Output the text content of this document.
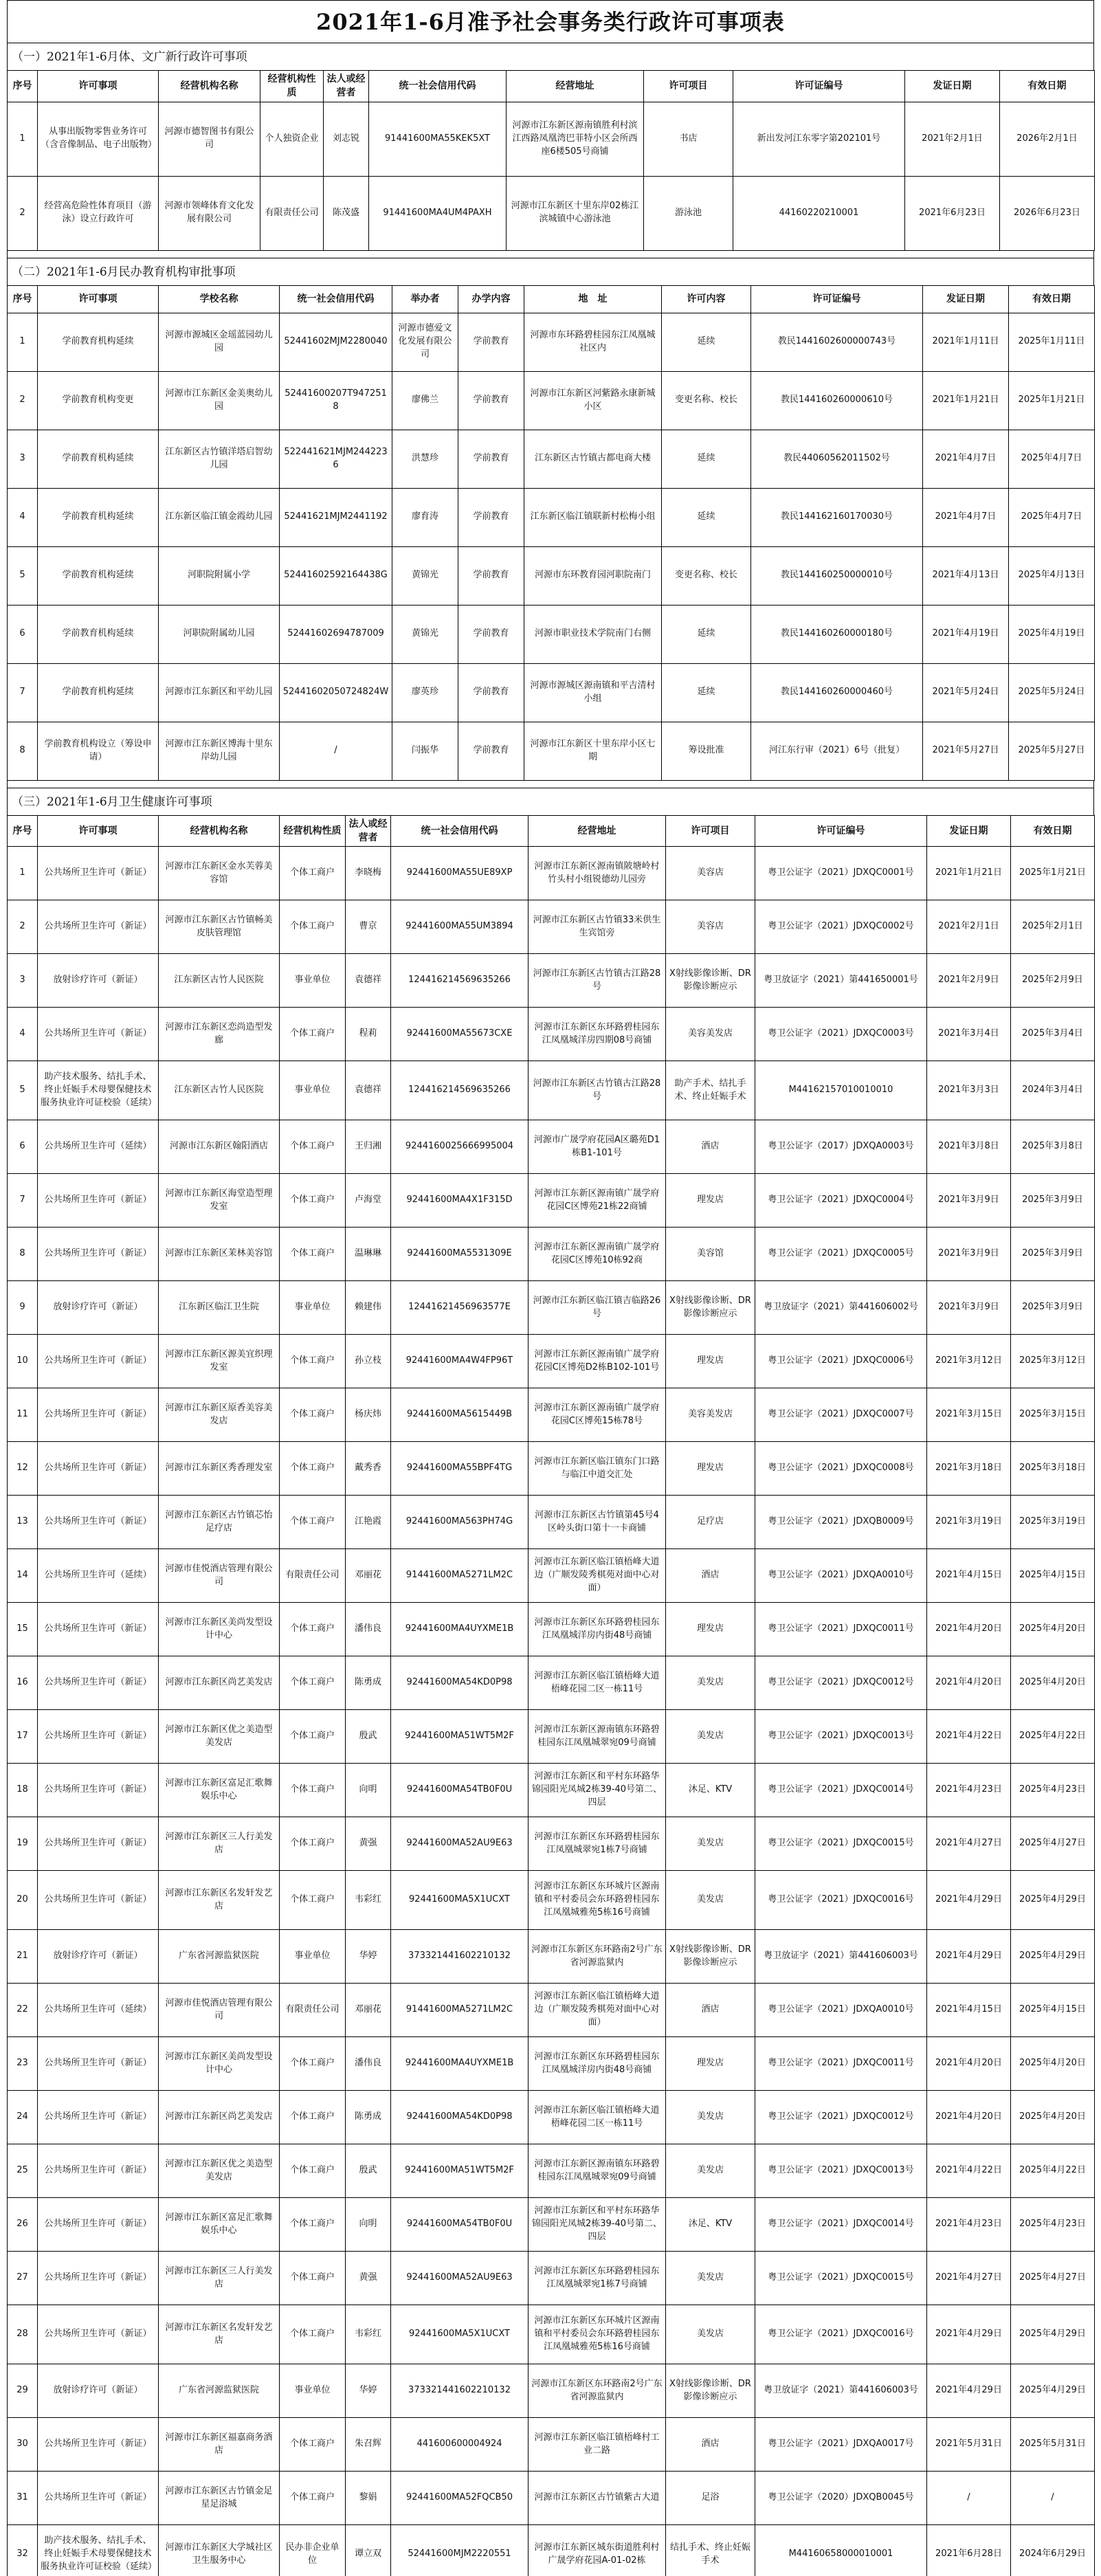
2021年1-6月准予社会事务类行政许可事项表
（一）2021年1-6月体、文广新行政许可事项
序号	许可事项	经营机构名称	经营机构性质	法人或经营者	统一社会信用代码	经营地址	许可项目	许可证编号	发证日期	有效日期
1	从事出版物零售业务许可（含音像制品、电子出版物）	河源市德智图书有限公司	个人独资企业	刘志锐	91441600MA55KEK5XT	河源市江东新区源南镇胜利村滨江西路凤凰湾巴菲特小区会所西座6楼505号商铺	书店	新出发河江东零字第202101号	2021年2月1日	2026年2月1日
2	经营高危险性体育项目（游泳）设立行政许可	河源市领峰体育文化发展有限公司	有限责任公司	陈茂盛	91441600MA4UM4PAXH	河源市江东新区十里东岸02栋江滨城镇中心游泳池	游泳池	44160220210001	2021年6月23日	2026年6月23日
（二）2021年1-6月民办教育机构审批事项
序号	许可事项	学校名称	统一社会信用代码	举办者	办学内容	地　址	许可内容	许可证编号	发证日期	有效日期
1	学前教育机构延续	河源市源城区金瑶蓝园幼儿园	52441602MJM2280040	河源市德爱文化发展有限公司	学前教育	河源市东环路碧桂园东江凤凰城社区内	延续	教民144160260000074​3号	2021年1月11日	2025年1月11日
2	学前教育机构变更	河源市江东新区金美奥幼儿园	52441600207T9472518	廖佛兰	学前教育	河源市江东新区河紫路永康新城小区	变更名称、校长	教民144160260000610号	2021年1月21日	2025年1月21日
3	学前教育机构延续	江东新区古竹镇洋塔启智幼儿园	52244162​1MJM2442236	洪慧珍	学前教育	江东新区古竹镇古都电商大楼	延续	教民44060562011502号	2021年4月7日	2025年4月7日
4	学前教育机构延续	江东新区临江镇金霞幼儿园	52441621MJM2441192	廖育涛	学前教育	江东新区临江镇联新村松梅小组	延续	教民144162160170030号	2021年4月7日	2025年4月7日
5	学前教育机构延续	河职院附属小学	52441602592164438G	黄锦光	学前教育	河源市东环教育园河职院南门	变更名称、校长	教民144160250000010号	2021年4月13日	2025年4月13日
6	学前教育机构延续	河职院附属幼儿园	52441602694787009	黄锦光	学前教育	河源市职业技术学院南门右侧	延续	教民144160260000180号	2021年4月19日	2025年4月19日
7	学前教育机构延续	河源市江东新区和平幼儿园	5244160205072482​4W	廖英珍	学前教育	河源市源城区源南镇和平吉清村小组	延续	教民144160260000460号	2021年5月24日	2025年5月24日
8	学前教育机构设立（筹设申请）	河源市江东新区博海十里东岸幼儿园	/	闫振华	学前教育	河源市江东新区十里东岸小区七期	筹设批准	河江东行审（2021）6号（批复）	2021年5月27日	2025年5月27日
（三）2021年1-6月卫生健康许可事项
序号	许可事项	经营机构名称	经营机构性质	法人或经营者	统一社会信用代码	经营地址	许可项目	许可证编号	发证日期	有效日期
1	公共场所卫生许可（新证）	河源市江东新区金水芙蓉美容馆	个体工商户	李晓梅	92441600MA55UE89XP	河源市江东新区源南镇陂塘岭村竹头村小组锐德幼儿园旁	美容店	粤卫公证字（2021）JDXQC0001号	2021年1月21日	2025年1月21日
2	公共场所卫生许可（新证）	河源市江东新区古竹镇畅美皮肤管理馆	个体工商户	曹京	92441600MA55UM3894	河源市江东新区古竹镇33米供生生宾馆旁	美容店	粤卫公证字（2021）JDXQC0002号	2021年2月1日	2025年2月1日
3	放射诊疗许可（新证）	江东新区古竹人民医院	事业单位	袁德祥	12441621456963526​6	河源市江东新区古竹镇古江路28号	X射线影像诊断、DR影像诊断应示	粤卫放证字（2021）第441650001号	2021年2月9日	2025年2月9日
4	公共场所卫生许可（新证）	河源市江东新区恋尚造型发廊	个体工商户	程莉	92441600MA55673CXE	河源市江东新区东环路碧桂园东江凤凰城洋房四期08号商铺	美容美发店	粤卫公证字（2021）JDXQC0003号	2021年3月4日	2025年3月4日
5	助产技术服务、结扎手术、终止妊娠手术母婴保健技术服务执业许可证校验（延续）	江东新区古竹人民医院	事业单位	袁德祥	12441621456963526​6	河源市江东新区古竹镇古江路28号	助产手术、结扎手术、终止妊娠手术	M441621570100​10010	2021年3月3日	2024年3月4日
6	公共场所卫生许可（延续）	河源市江东新区翰阳酒店	个体工商户	王归湘	92441600256669​9500​4	河源市广晟学府花园A区璐苑D1栋B1-101号	酒店	粤卫公证字（2017）JDXQA0003号	2021年3月8日	2025年3月8日
7	公共场所卫生许可（新证）	河源市江东新区海堂造型理发室	个体工商户	卢海堂	92441600MA4X1F315D	河源市江东新区源南镇广晟学府花园C区博苑21栋22商铺	理发店	粤卫公证字（2021）JDXQC0004号	2021年3月9日	2025年3月9日
8	公共场所卫生许可（新证）	河源市江东新区茉林美容馆	个体工商户	温琳琳	92441600MA5531309E	河源市江东新区源南镇广晟学府花园C区博苑10栋92商	美容馆	粤卫公证字（2021）JDXQC0005号	2021年3月9日	2025年3月9日
9	放射诊疗许可（新证）	江东新区临江卫生院	事业单位	赖建伟	12441621456963577E	河源市江东新区临江镇吉临路26号	X射线影像诊断、DR影像诊断应示	粤卫放证字（2021）第441606002号	2021年3月9日	2025年3月9日
10	公共场所卫生许可（新证）	河源市江东新区源美宜织理发室	个体工商户	孙立枝	92441600MA4W4FP96T	河源市江东新区源南镇广晟学府花园C区博苑D2栋B102-101号	理发店	粤卫公证字（2021）JDXQC0006号	2021年3月12日	2025年3月12日
11	公共场所卫生许可（新证）	河源市江东新区原香美容美发店	个体工商户	杨庆炜	92441600MA5615449B	河源市江东新区源南镇广晟学府花园C区博苑15栋78号	美容美发店	粤卫公证字（2021）JDXQC0007号	2021年3月15日	2025年3月15日
12	公共场所卫生许可（新证）	河源市江东新区秀香理发室	个体工商户	戴秀香	92441600MA55BPF4TG	河源市江东新区临江镇东门口路与临江中道交汇处	理发店	粤卫公证字（2021）JDXQC0008号	2021年3月18日	2025年3月18日
13	公共场所卫生许可（新证）	河源市江东新区古竹镇芯怡足疗店	个体工商户	江艳霞	92441600MA563PH74G	河源市江东新区古竹镇第45号4区岭头街口第十一卡商铺	足疗店	粤卫公证字（2021）JDXQB0009号	2021年3月19日	2025年3月19日
14	公共场所卫生许可（延续）	河源市佳悦酒店管理有限公司	有限责任公司	邓丽花	91441600MA5271LM2C	河源市江东新区临江镇梧峰大道边（广顺发陵秀棋苑对面中心对面）	酒店	粤卫公证字（2021）JDXQA0010号	2021年4月15日	2025年4月15日
15	公共场所卫生许可（新证）	河源市江东新区美尚发型设计中心	个体工商户	潘伟良	92441600MA4UYXME1B	河源市江东新区东环路碧桂园东江凤凰城洋房内街48号商铺	理发店	粤卫公证字（2021）JDXQC0011号	2021年4月20日	2025年4月20日
16	公共场所卫生许可（新证）	河源市江东新区尚艺美发店	个体工商户	陈勇成	92441600MA54KD0P98	河源市江东新区临江镇梧峰大道梧峰花园二区一栋11号	美发店	粤卫公证字（2021）JDXQC0012号	2021年4月20日	2025年4月20日
17	公共场所卫生许可（新证）	河源市江东新区优之美造型美发店	个体工商户	殷武	92441600MA51WT5M2F	河源市江东新区源南镇东环路碧桂园东江凤凰城翠宛09号商铺	美发店	粤卫公证字（2021）JDXQC0013号	2021年4月22日	2025年4月22日
18	公共场所卫生许可（新证）	河源市江东新区富足汇歌舞娱乐中心	个体工商户	向明	92441600MA54TB0F0U	河源市江东新区和平村东环路华锦园阳光凤城2栋39-40号第二、四层	沐足、KTV	粤卫公证字（2021）JDXQC0014号	2021年4月23日	2025年4月23日
19	公共场所卫生许可（新证）	河源市江东新区三人行美发店	个体工商户	黄强	92441600MA52AU9E63	河源市江东新区东环路碧桂园东江凤凰城翠宛1栋7号商铺	美发店	粤卫公证字（2021）JDXQC0015号	2021年4月27日	2025年4月27日
20	公共场所卫生许可（新证）	河源市江东新区名发轩发艺店	个体工商户	韦彩红	92441600MA5X1UCXT	河源市江东新区东环城片区源南镇和平村委员会东环路碧桂园东江凤凰城雅苑5栋16号商铺	美发店	粤卫公证字（2021）JDXQC0016号	2021年4月29日	2025年4月29日
21	放射诊疗许可（新证）	广东省河源监狱医院	事业单位	华婷	37332144160221013​2	河源市江东新区东环路南2号广东省河源监狱内	X射线影像诊断、DR影像诊断应示	粤卫放证字（2021）第441606003号	2021年4月29日	2025年4月29日
22	公共场所卫生许可（延续）	河源市佳悦酒店管理有限公司	有限责任公司	邓丽花	91441600MA5271LM2C	河源市江东新区临江镇梧峰大道边（广顺发陵秀棋苑对面中心对面）	酒店	粤卫公证字（2021）JDXQA0010号	2021年4月15日	2025年4月15日
23	公共场所卫生许可（新证）	河源市江东新区美尚发型设计中心	个体工商户	潘伟良	92441600MA4UYXME1B	河源市江东新区东环路碧桂园东江凤凰城洋房内街48号商铺	理发店	粤卫公证字（2021）JDXQC0011号	2021年4月20日	2025年4月20日
24	公共场所卫生许可（新证）	河源市江东新区尚艺美发店	个体工商户	陈勇成	92441600MA54KD0P98	河源市江东新区临江镇梧峰大道梧峰花园二区一栋11号	美发店	粤卫公证字（2021）JDXQC0012号	2021年4月20日	2025年4月20日
25	公共场所卫生许可（新证）	河源市江东新区优之美造型美发店	个体工商户	殷武	92441600MA51WT5M2F	河源市江东新区源南镇东环路碧桂园东江凤凰城翠宛09号商铺	美发店	粤卫公证字（2021）JDXQC0013号	2021年4月22日	2025年4月22日
26	公共场所卫生许可（新证）	河源市江东新区富足汇歌舞娱乐中心	个体工商户	向明	92441600MA54TB0F0U	河源市江东新区和平村东环路华锦园阳光凤城2栋39-40号第二、四层	沐足、KTV	粤卫公证字（2021）JDXQC0014号	2021年4月23日	2025年4月23日
27	公共场所卫生许可（新证）	河源市江东新区三人行美发店	个体工商户	黄强	92441600MA52AU9E63	河源市江东新区东环路碧桂园东江凤凰城翠宛1栋7号商铺	美发店	粤卫公证字（2021）JDXQC0015号	2021年4月27日	2025年4月27日
28	公共场所卫生许可（新证）	河源市江东新区名发轩发艺店	个体工商户	韦彩红	92441600MA5X1UCXT	河源市江东新区东环城片区源南镇和平村委员会东环路碧桂园东江凤凰城雅苑5栋16号商铺	美发店	粤卫公证字（2021）JDXQC0016号	2021年4月29日	2025年4月29日
29	放射诊疗许可（新证）	广东省河源监狱医院	事业单位	华婷	37332144160221013​2	河源市江东新区东环路南2号广东省河源监狱内	X射线影像诊断、DR影像诊断应示	粤卫放证字（2021）第441606003号	2021年4月29日	2025年4月29日
30	公共场所卫生许可（新证）	河源市江东新区福嘉商务酒店	个体工商户	朱召辉	441600600004924	河源市江东新区临江镇梧峰村工业二路	酒店	粤卫公证字（2021）JDXQA0017号	2021年5月31日	2025年5月31日
31	公共场所卫生许可（新证）	河源市江东新区古竹镇金足星足浴城	个体工商户	黎娟	92441600MA52FQCB50	河源市江东新区古竹镇紫古大道	足浴	粤卫公证字（2020）JDXQB0045号	/	/
32	助产技术服务、结扎手术、终止妊娠手术母婴保健技术服务执业许可证校验（延续）	河源市江东新区大学城社区卫生服务中心	民办非企业单位	谭立双	52441600MJM2220551	河源市江东新区城东街道胜利村广晟学府花园A-01-02栋	结扎手术、终止妊娠手术	M441606580000​10001	2021年6月28日	2024年6月29日
